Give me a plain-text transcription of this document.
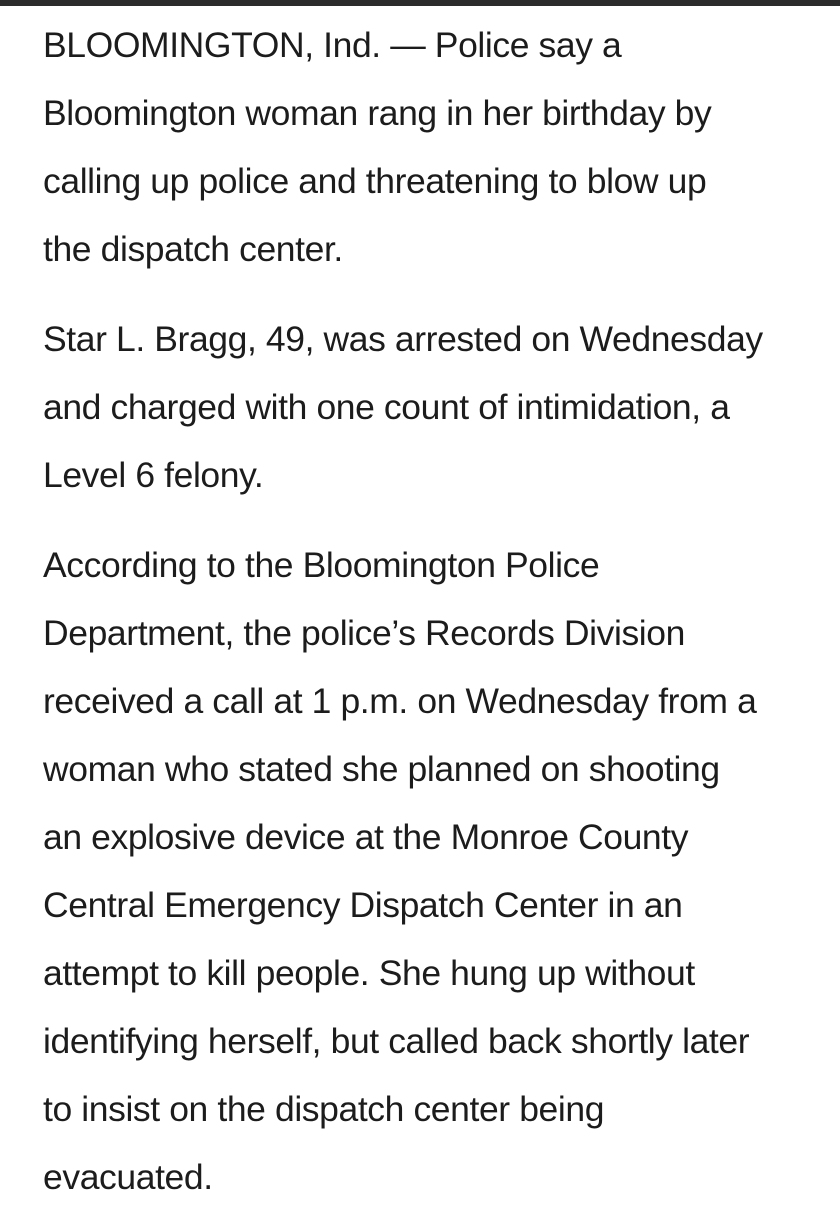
BLOOMINGTON, Ind. — Police say a
Bloomington woman rang in her birthday by
calling up police and threatening to blow up
the dispatch center.

Star L. Bragg, 49, was arrested on Wednesday
and charged with one count of intimidation, a
Level 6 felony.

According to the Bloomington Police
Department, the police’s Records Division
received a call at 1 p.m. on Wednesday from a
woman who stated she planned on shooting
an explosive device at the Monroe County
Central Emergency Dispatch Center in an
attempt to kill people. She hung up without
identifying herself, but called back shortly later
to insist on the dispatch center being
evacuated.
